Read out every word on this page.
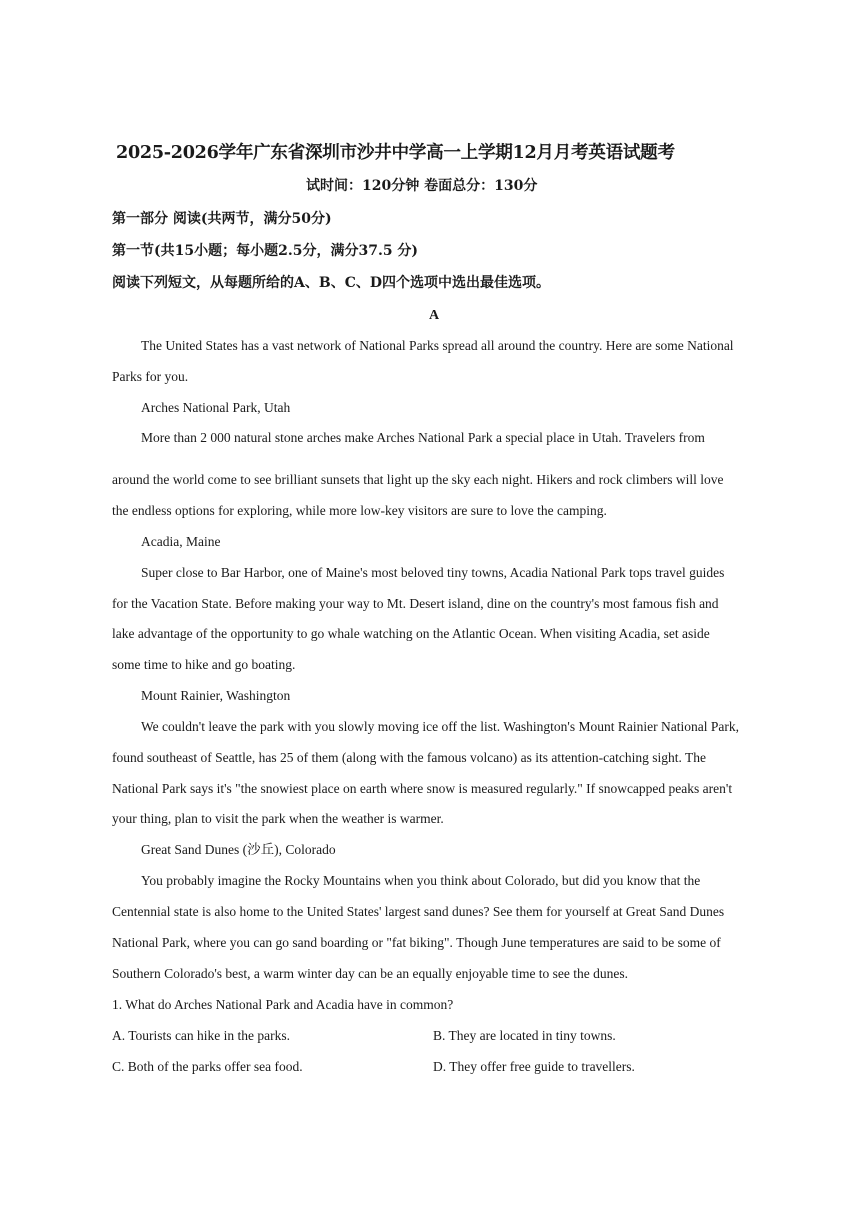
2025-2026学年广东省深圳市沙井中学高一上学期12月月考英语试题考
试时间：120分钟 卷面总分：130分
第一部分 阅读(共两节，满分50分)
第一节(共15小题；每小题2.5分，满分37.5 分)
阅读下列短文，从每题所给的A、B、C、D四个选项中选出最佳选项。
A
The United States has a vast network of National Parks spread all around the country. Here are some National
Parks for you.
Arches National Park, Utah
More than 2 000 natural stone arches make Arches National Park a special place in Utah. Travelers from
around the world come to see brilliant sunsets that light up the sky each night. Hikers and rock climbers will love
the endless options for exploring, while more low-key visitors are sure to love the camping.
Acadia, Maine
Super close to Bar Harbor, one of Maine's most beloved tiny towns, Acadia National Park tops travel guides
for the Vacation State. Before making your way to Mt. Desert island, dine on the country's most famous fish and
lake advantage of the opportunity to go whale watching on the Atlantic Ocean. When visiting Acadia, set aside
some time to hike and go boating.
Mount Rainier, Washington
We couldn't leave the park with you slowly moving ice off the list. Washington's Mount Rainier National Park,
found southeast of Seattle, has 25 of them (along with the famous volcano) as its attention-catching sight. The
National Park says it's "the snowiest place on earth where snow is measured regularly." If snowcapped peaks aren't
your thing, plan to visit the park when the weather is warmer.
Great Sand Dunes (沙丘), Colorado
You probably imagine the Rocky Mountains when you think about Colorado, but did you know that the
Centennial state is also home to the United States' largest sand dunes? See them for yourself at Great Sand Dunes
National Park, where you can go sand boarding or "fat biking". Though June temperatures are said to be some of
Southern Colorado's best, a warm winter day can be an equally enjoyable time to see the dunes.
1. What do Arches National Park and Acadia have in common?
A. Tourists can hike in the parks.	B. They are located in tiny towns.
C. Both of the parks offer sea food.	D. They offer free guide to travellers.
